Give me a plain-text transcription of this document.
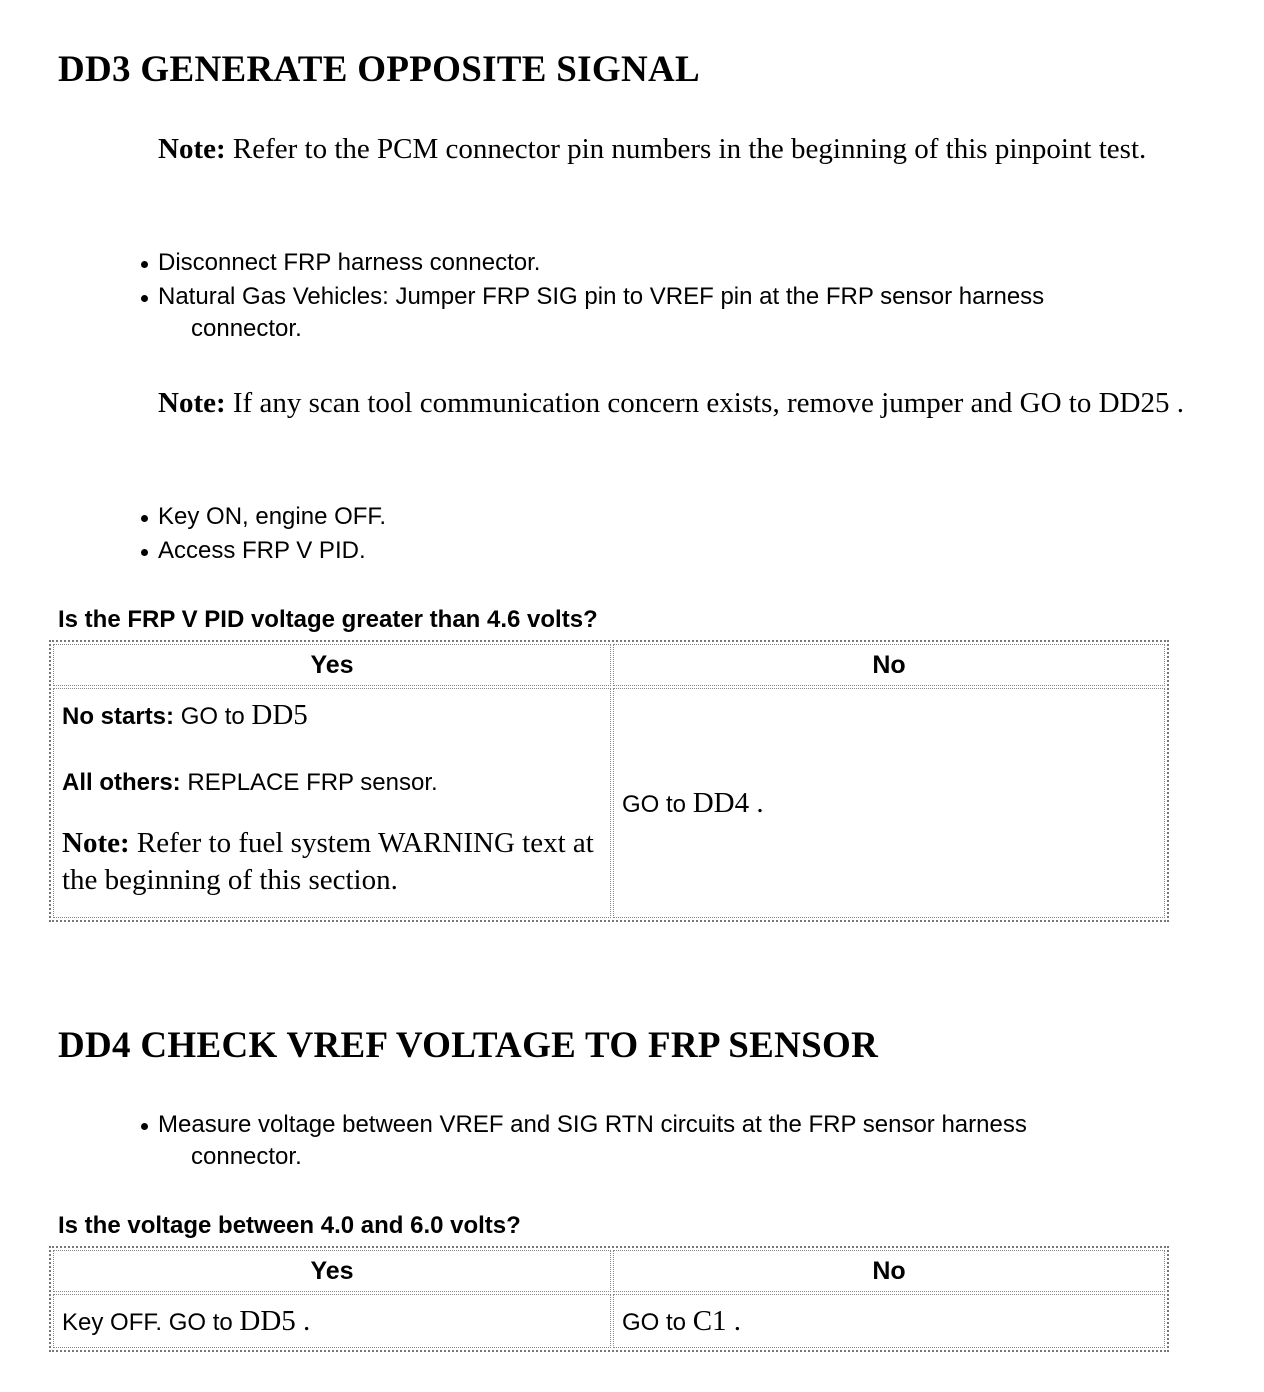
DD3 GENERATE OPPOSITE SIGNAL
Note: Refer to the PCM connector pin numbers in the beginning of this pinpoint test.
Disconnect FRP harness connector.
Natural Gas Vehicles: Jumper FRP SIG pin to VREF pin at the FRP sensor harness
connector.
Note: If any scan tool communication concern exists, remove jumper and GO to DD25 .
Key ON, engine OFF.
Access FRP V PID.
Is the FRP V PID voltage greater than 4.6 volts?
Yes	No

No starts: GO to DD5
All others: REPLACE FRP sensor.
Note: Refer to fuel system WARNING text at the beginning of this section.	GO to DD4 .
DD4 CHECK VREF VOLTAGE TO FRP SENSOR
Measure voltage between VREF and SIG RTN circuits at the FRP sensor harness
connector.
Is the voltage between 4.0 and 6.0 volts?
Yes	No
Key OFF. GO to DD5 .	GO to C1 .
